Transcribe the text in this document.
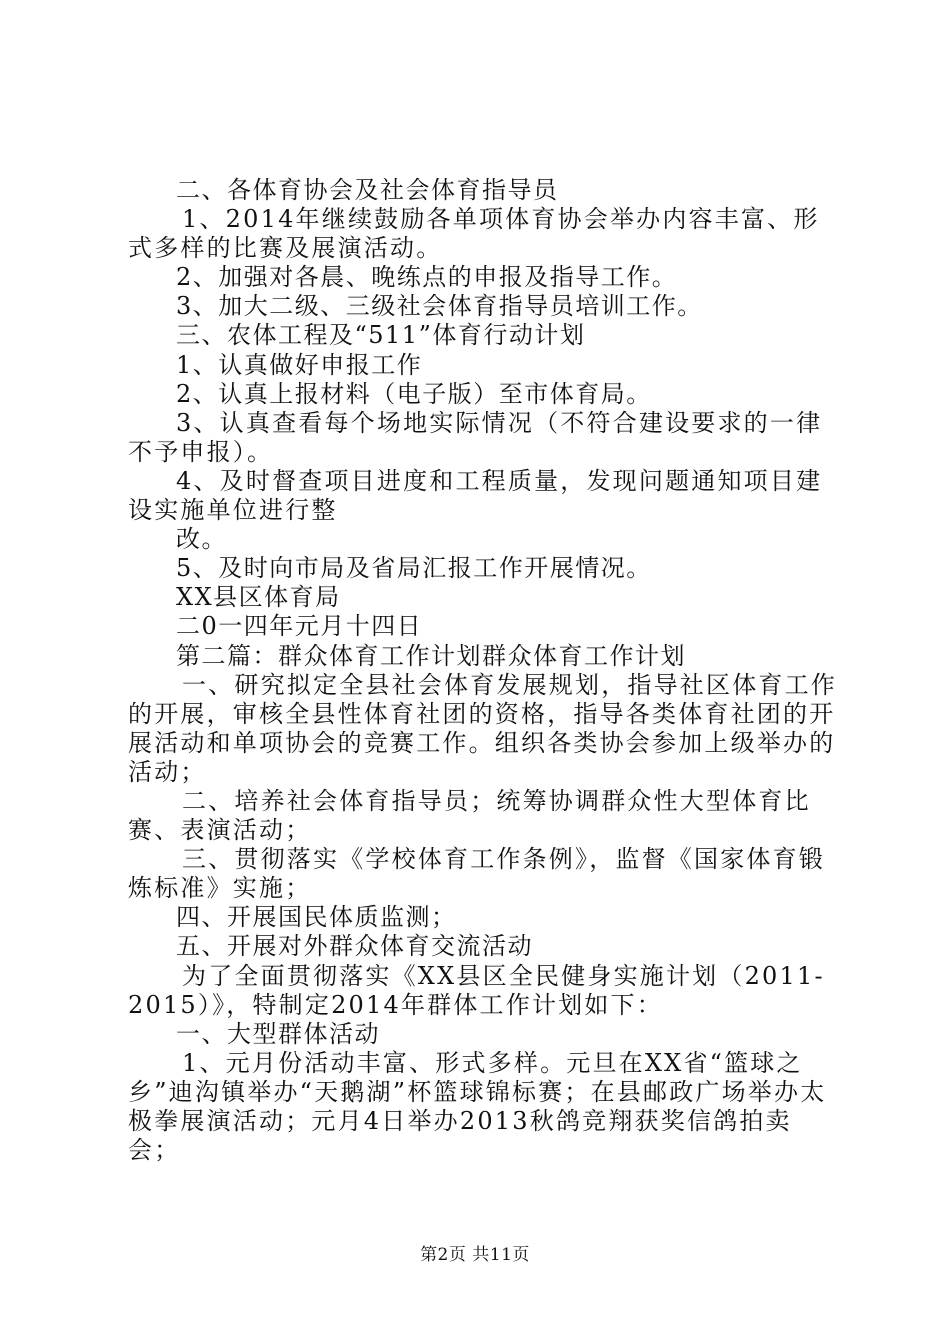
二、各体育协会及社会体育指导员

1、2014年继续鼓励各单项体育协会举办内容丰富、形式多样的比赛及展演活动。

2、加强对各晨、晚练点的申报及指导工作。

3、加大二级、三级社会体育指导员培训工作。

三、农体工程及“511”体育行动计划

1、认真做好申报工作

2、认真上报材料（电子版）至市体育局。

3、认真查看每个场地实际情况（不符合建设要求的一律不予申报）。

4、及时督查项目进度和工程质量，发现问题通知项目建设实施单位进行整

改。

5、及时向市局及省局汇报工作开展情况。

XX县区体育局

二0一四年元月十四日

第二篇：群众体育工作计划群众体育工作计划

一、研究拟定全县社会体育发展规划，指导社区体育工作的开展，审核全县性体育社团的资格，指导各类体育社团的开展活动和单项协会的竞赛工作。组织各类协会参加上级举办的活动；

二、培养社会体育指导员；统筹协调群众性大型体育比赛、表演活动；

三、贯彻落实《学校体育工作条例》，监督《国家体育锻炼标准》实施；

四、开展国民体质监测；

五、开展对外群众体育交流活动

为了全面贯彻落实《XX县区全民健身实施计划（2011-2015）》，特制定2014年群体工作计划如下：

一、大型群体活动

1、元月份活动丰富、形式多样。元旦在XX省“篮球之乡”迪沟镇举办“天鹅湖”杯篮球锦标赛；在县邮政广场举办太极拳展演活动；元月4日举办2013秋鸽竞翔获奖信鸽拍卖会；

第2页 共11页
